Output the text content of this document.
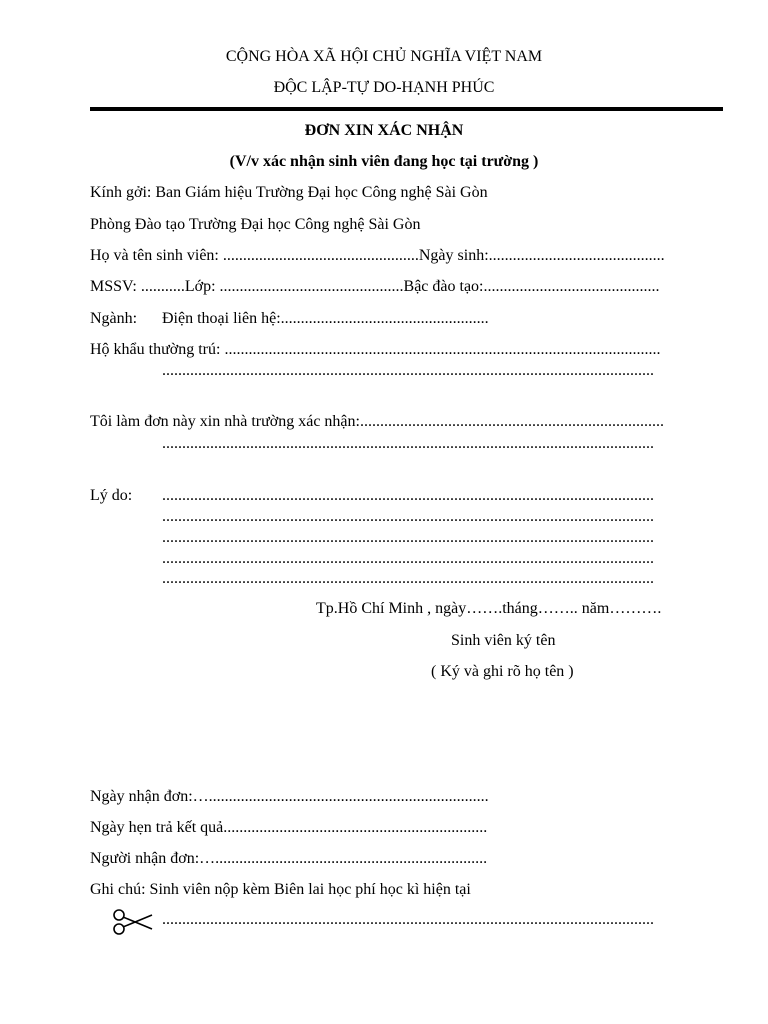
CỘNG HÒA XÃ HỘI CHỦ NGHĨA VIỆT NAM
ĐỘC LẬP-TỰ DO-HẠNH PHÚC
ĐƠN XIN XÁC NHẬN
(V/v xác nhận sinh viên đang học tại trường )
Kính gởi: Ban Giám hiệu Trường Đại học Công nghệ Sài Gòn
Phòng Đào tạo Trường Đại học Công nghệ Sài Gòn
Họ và tên sinh viên: .................................................Ngày sinh:............................................
MSSV: ...........Lớp: ..............................................Bậc đào tạo:............................................
Ngành: Điện thoại liên hệ:....................................................
Hộ khẩu thường trú: .............................................................................................................
...........................................................................................................................
Tôi làm đơn này xin nhà trường xác nhận:............................................................................
...........................................................................................................................
Lý do: ...........................................................................................................................
...........................................................................................................................
...........................................................................................................................
...........................................................................................................................
...........................................................................................................................
Tp.Hồ Chí Minh , ngày…….tháng…….. năm……….
Sinh viên ký tên
( Ký và ghi rõ họ tên )
Ngày nhận đơn:…......................................................................
Ngày hẹn trả kết quả..................................................................
Người nhận đơn:…....................................................................
Ghi chú: Sinh viên nộp kèm Biên lai học phí học kì hiện tại
...........................................................................................................................
